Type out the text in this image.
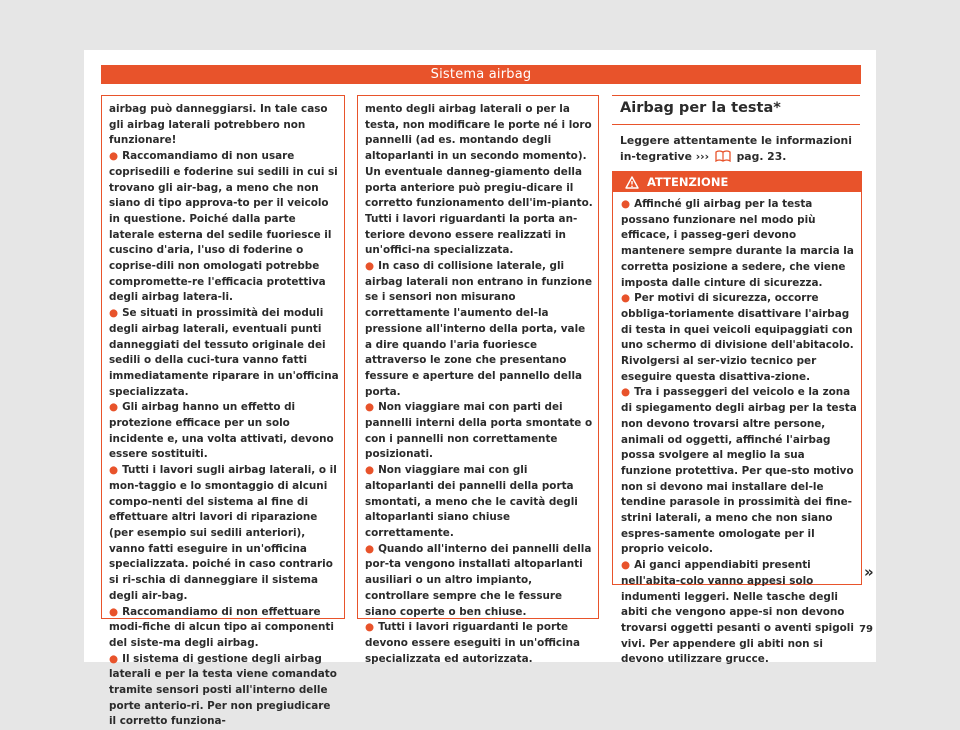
Sistema airbag

airbag può danneggiarsi. In tale caso gli airbag laterali potrebbero non funzionare!

● Raccomandiamo di non usare coprisedili e foderine sui sedili in cui si trovano gli air-bag, a meno che non siano di tipo approva-to per il veicolo in questione. Poiché dalla parte laterale esterna del sedile fuoriesce il cuscino d'aria, l'uso di foderine o coprise-dili non omologati potrebbe compromette-re l'efficacia protettiva degli airbag latera-li.

● Se situati in prossimità dei moduli degli airbag laterali, eventuali punti danneggiati del tessuto originale dei sedili o della cuci-tura vanno fatti immediatamente riparare in un'officina specializzata.

● Gli airbag hanno un effetto di protezione efficace per un solo incidente e, una volta attivati, devono essere sostituiti.

● Tutti i lavori sugli airbag laterali, o il mon-taggio e lo smontaggio di alcuni compo-nenti del sistema al fine di effettuare altri lavori di riparazione (per esempio sui sedili anteriori), vanno fatti eseguire in un'officina specializzata. poiché in caso contrario si ri-schia di danneggiare il sistema degli air-bag.

● Raccomandiamo di non effettuare modi-fiche di alcun tipo ai componenti del siste-ma degli airbag.

● Il sistema di gestione degli airbag laterali e per la testa viene comandato tramite sensori posti all'interno delle porte anterio-ri. Per non pregiudicare il corretto funziona-

mento degli airbag laterali o per la testa, non modificare le porte né i loro pannelli (ad es. montando degli altoparlanti in un secondo momento). Un eventuale danneg-giamento della porta anteriore può pregiu-dicare il corretto funzionamento dell'im-pianto. Tutti i lavori riguardanti la porta an-teriore devono essere realizzati in un'offici-na specializzata.

● In caso di collisione laterale, gli airbag laterali non entrano in funzione se i sensori non misurano correttamente l'aumento del-la pressione all'interno della porta, vale a dire quando l'aria fuoriesce attraverso le zone che presentano fessure e aperture del pannello della porta.

● Non viaggiare mai con parti dei pannelli interni della porta smontate o con i pannelli non correttamente posizionati.

● Non viaggiare mai con gli altoparlanti dei pannelli della porta smontati, a meno che le cavità degli altoparlanti siano chiuse correttamente.

● Quando all'interno dei pannelli della por-ta vengono installati altoparlanti ausiliari o un altro impianto, controllare sempre che le fessure siano coperte o ben chiuse.

● Tutti i lavori riguardanti le porte devono essere eseguiti in un'officina specializzata ed autorizzata.

Airbag per la testa*
Leggere attentamente le informazioni in-tegrative ›››	pag. 23.
ATTENZIONE

● Affinché gli airbag per la testa possano funzionare nel modo più efficace, i passeg-geri devono mantenere sempre durante la marcia la corretta posizione a sedere, che viene imposta dalle cinture di sicurezza.

● Per motivi di sicurezza, occorre obbliga-toriamente disattivare l'airbag di testa in quei veicoli equipaggiati con uno schermo di divisione dell'abitacolo. Rivolgersi al ser-vizio tecnico per eseguire questa disattiva-zione.

● Tra i passeggeri del veicolo e la zona di spiegamento degli airbag per la testa non devono trovarsi altre persone, animali od oggetti, affinché l'airbag possa svolgere al meglio la sua funzione protettiva. Per que-sto motivo non si devono mai installare del-le tendine parasole in prossimità dei fine-strini laterali, a meno che non siano espres-samente omologate per il proprio veicolo.

● Ai ganci appendiabiti presenti nell'abita-colo vanno appesi solo indumenti leggeri. Nelle tasche degli abiti che vengono appe-si non devono trovarsi oggetti pesanti o aventi spigoli vivi. Per appendere gli abiti non si devono utilizzare grucce.

»
79
